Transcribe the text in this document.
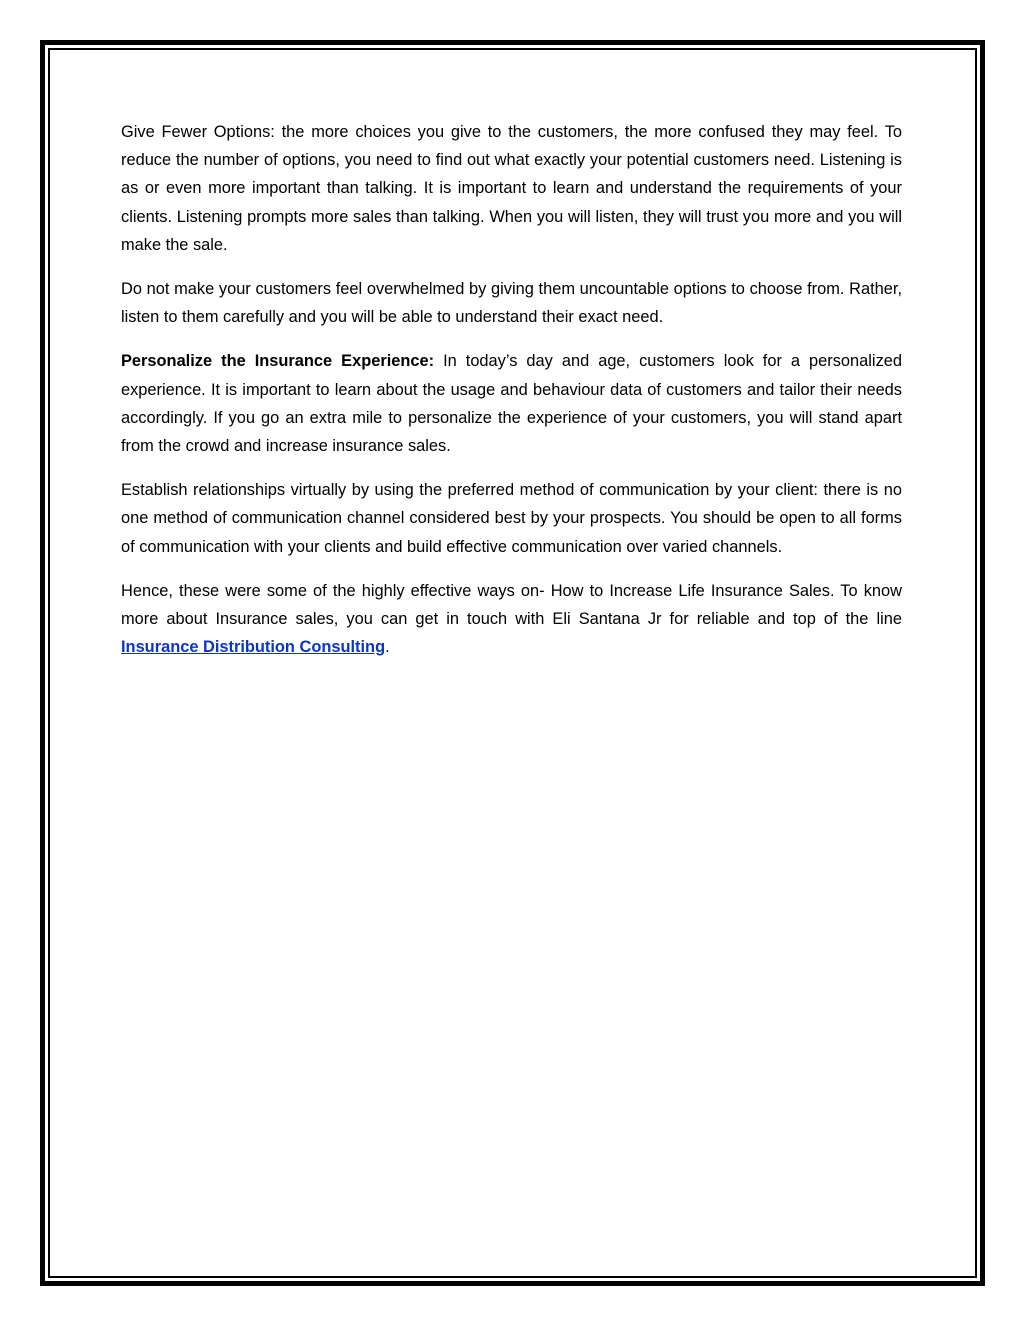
Give Fewer Options: the more choices you give to the customers, the more confused they may feel. To reduce the number of options, you need to find out what exactly your potential customers need. Listening is as or even more important than talking. It is important to learn and understand the requirements of your clients. Listening prompts more sales than talking. When you will listen, they will trust you more and you will make the sale.

Do not make your customers feel overwhelmed by giving them uncountable options to choose from. Rather, listen to them carefully and you will be able to understand their exact need.

Personalize the Insurance Experience: In today’s day and age, customers look for a personalized experience. It is important to learn about the usage and behaviour data of customers and tailor their needs accordingly. If you go an extra mile to personalize the experience of your customers, you will stand apart from the crowd and increase insurance sales.

Establish relationships virtually by using the preferred method of communication by your client: there is no one method of communication channel considered best by your prospects. You should be open to all forms of communication with your clients and build effective communication over varied channels.

Hence, these were some of the highly effective ways on- How to Increase Life Insurance Sales. To know more about Insurance sales, you can get in touch with Eli Santana Jr for reliable and top of the line Insurance Distribution Consulting.
